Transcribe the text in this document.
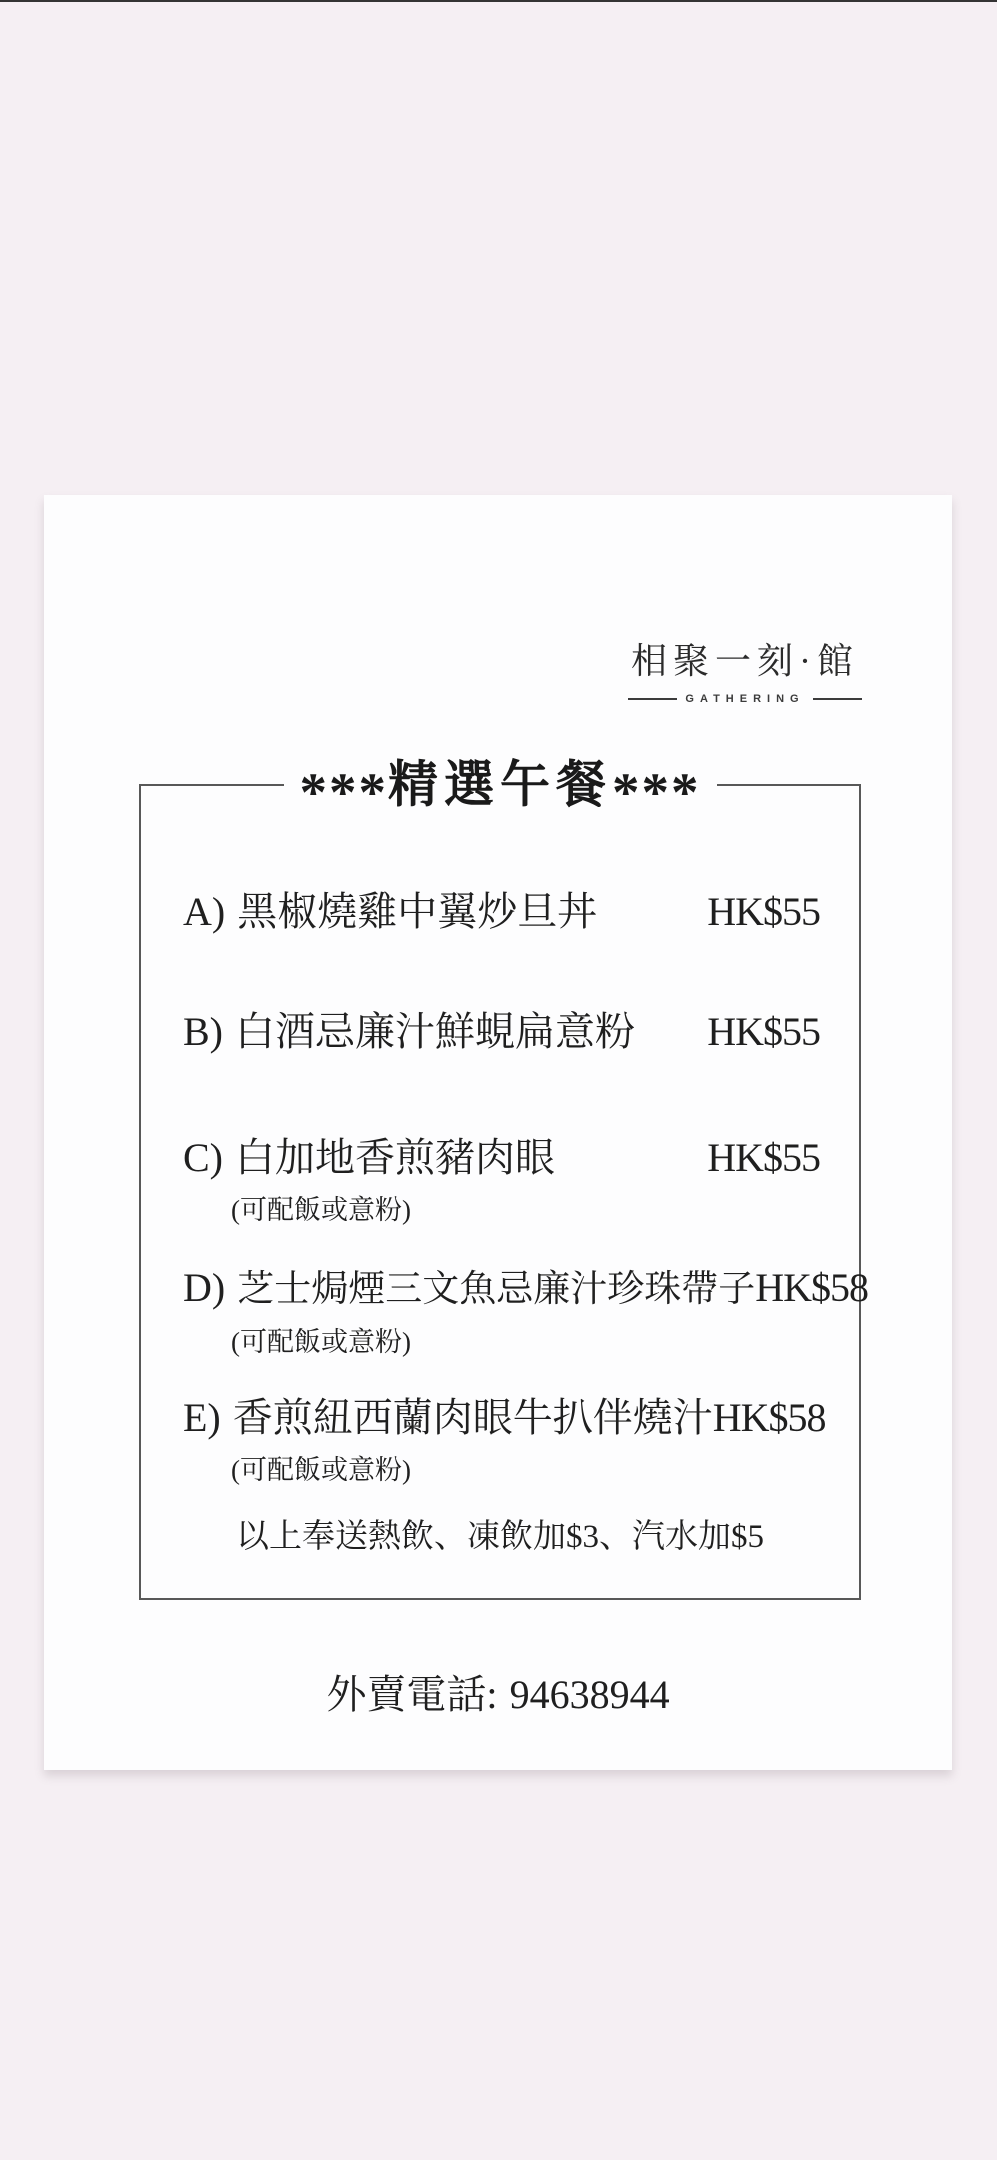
相聚一刻·館
GATHERING
***精選午餐***
A) 黑椒燒雞中翼炒旦丼	HK$55
B) 白酒忌廉汁鮮蜆扁意粉 HK$55
C) 白加地香煎豬肉眼	HK$55
(可配飯或意粉)
D) 芝士焗煙三文魚忌廉汁珍珠帶子 HK$58
(可配飯或意粉)
E) 香煎紐西蘭肉眼牛扒伴燒汁 HK$58
(可配飯或意粉)
以上奉送熱飲、凍飲加$3、汽水加$5
外賣電話: 94638944
